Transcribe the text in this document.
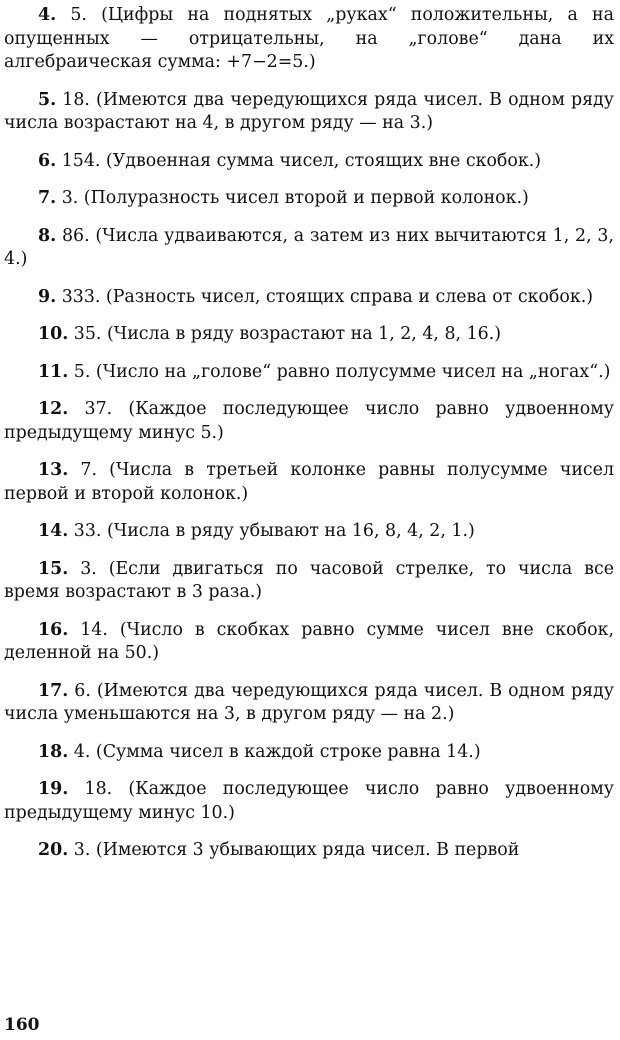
4. 5. (Цифры на поднятых „руках“ положительны, а на опущенных — отрицательны, на „голове“ дана их алгебраическая сумма: +7−2=5.)

5. 18. (Имеются два чередующихся ряда чисел. В одном ряду числа возрастают на 4, в другом ряду — на 3.)

6. 154. (Удвоенная сумма чисел, стоящих вне скобок.)

7. 3. (Полуразность чисел второй и первой колонок.)

8. 86. (Числа удваиваются, а затем из них вычитаются 1, 2, 3, 4.)

9. 333. (Разность чисел, стоящих справа и слева от скобок.)

10. 35. (Числа в ряду возрастают на 1, 2, 4, 8, 16.)

11. 5. (Число на „голове“ равно полусумме чисел на „ногах“.)

12. 37. (Каждое последующее число равно удвоенному предыдущему минус 5.)

13. 7. (Числа в третьей колонке равны полусумме чисел первой и второй колонок.)

14. 33. (Числа в ряду убывают на 16, 8, 4, 2, 1.)

15. 3. (Если двигаться по часовой стрелке, то числа все время возрастают в 3 раза.)

16. 14. (Число в скобках равно сумме чисел вне скобок, деленной на 50.)

17. 6. (Имеются два чередующихся ряда чисел. В одном ряду числа уменьшаются на 3, в другом ряду — на 2.)

18. 4. (Сумма чисел в каждой строке равна 14.)

19. 18. (Каждое последующее число равно удвоенному предыдущему минус 10.)

20. 3. (Имеются 3 убывающих ряда чисел. В первой

160
